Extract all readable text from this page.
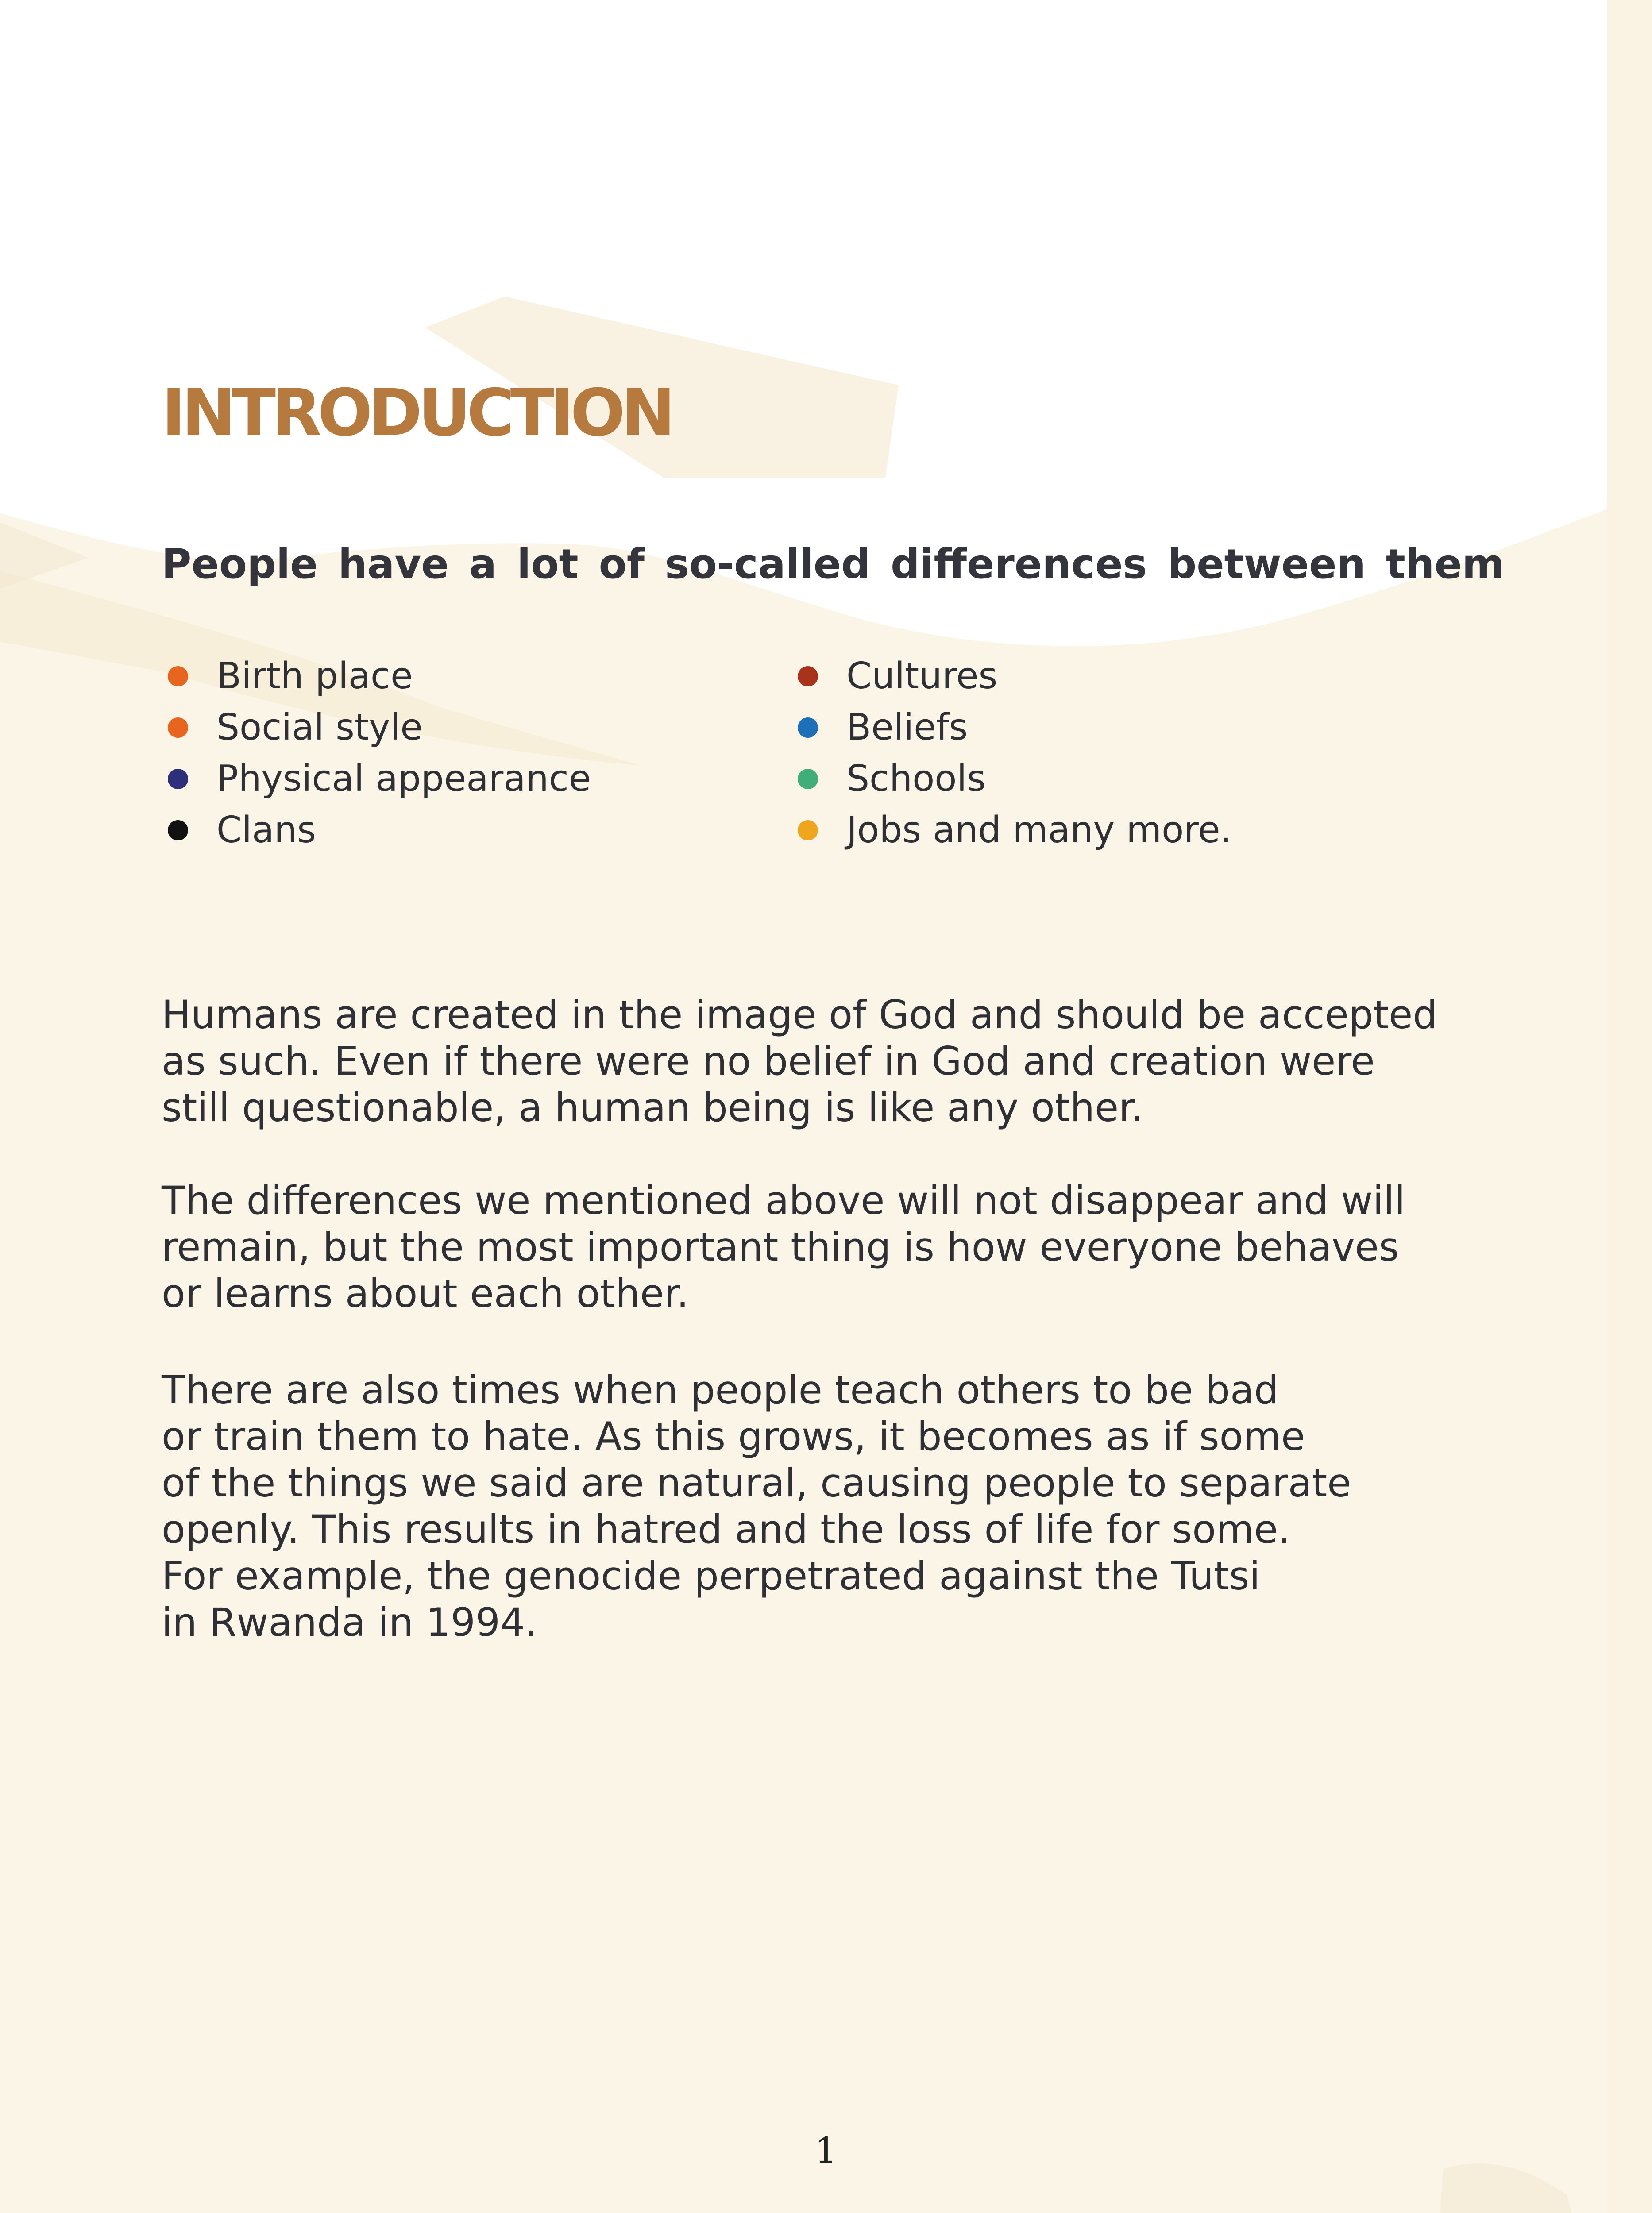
INTRODUCTION
People have a lot of so-called differences between them
Birth place
Social style
Physical appearance
Clans
Cultures
Beliefs
Schools
Jobs and many more.

Humans are created in the image of God and should be accepted
as such. Even if there were no belief in God and creation were
still questionable, a human being is like any other.

The differences we mentioned above will not disappear and will
remain, but the most important thing is how everyone behaves
or learns about each other.

There are also times when people teach others to be bad
or train them to hate. As this grows, it becomes as if some
of the things we said are natural, causing people to separate
openly. This results in hatred and the loss of life for some.
For example, the genocide perpetrated against the Tutsi
in Rwanda in 1994.

1
